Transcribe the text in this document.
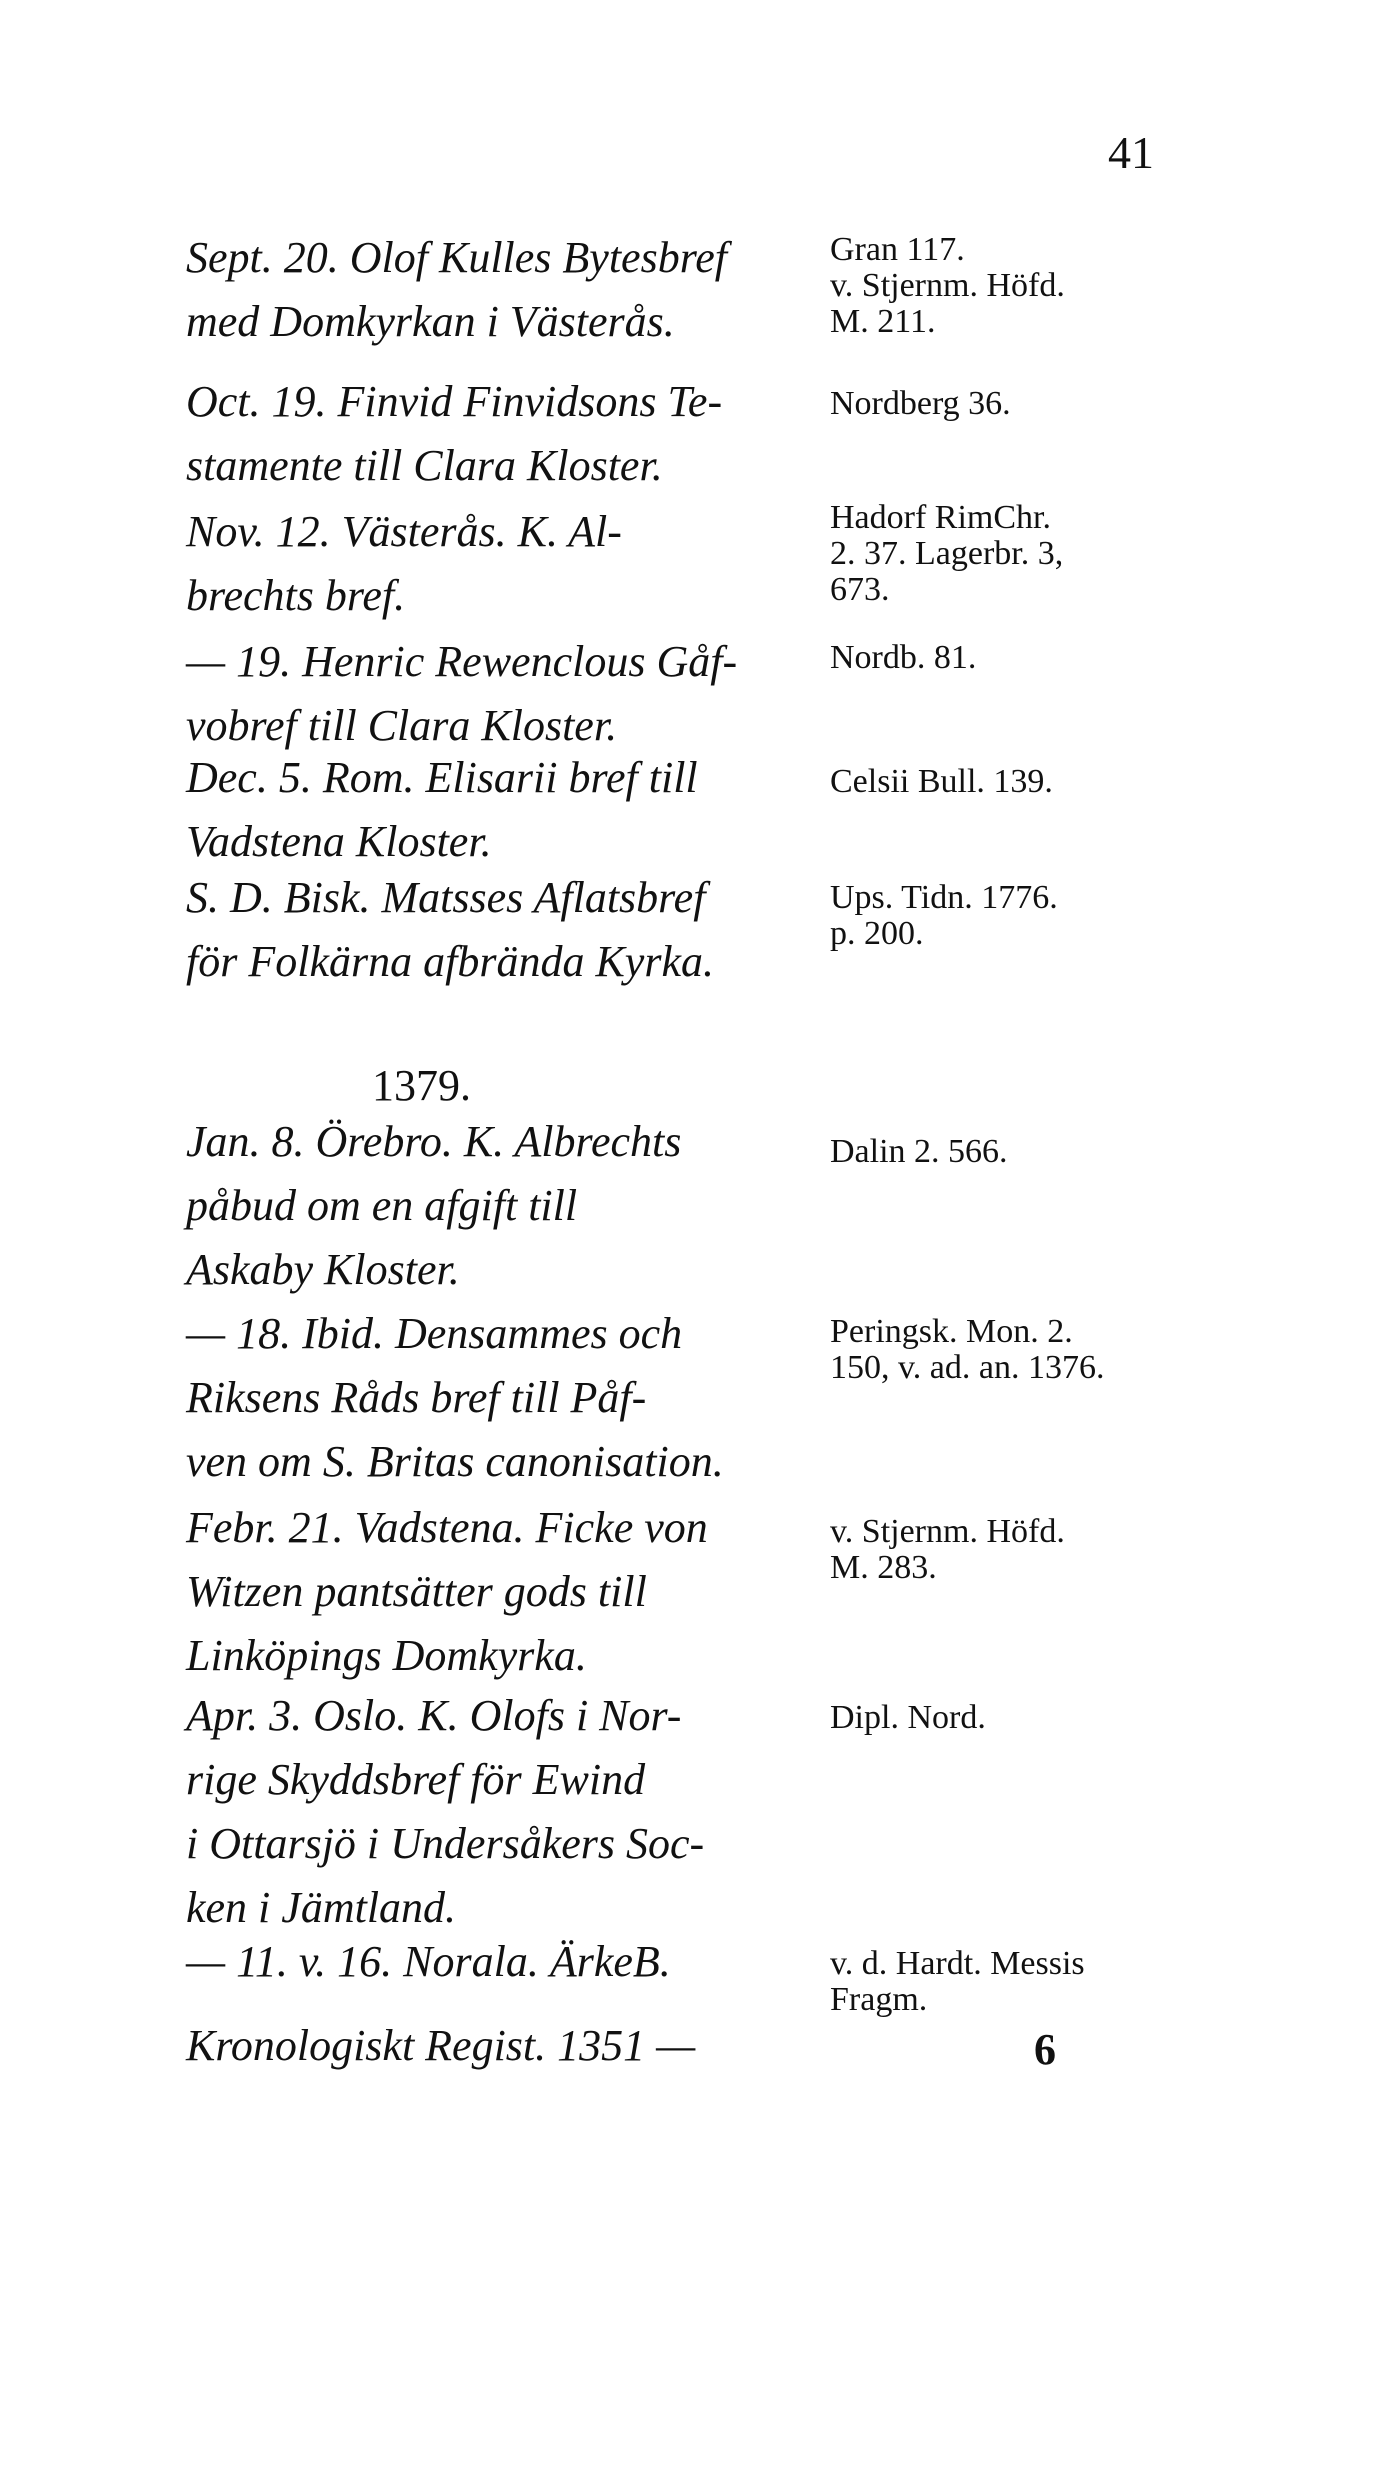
41
Sept. 20. Olof Kulles Bytesbref
med Domkyrkan i Västerås.
Gran 117.
v. Stjernm. Höfd.
M. 211.
Oct. 19. Finvid Finvidsons Te-
stamente till Clara Kloster.
Nordberg 36.
Nov. 12. Västerås. K. Al-
brechts bref.
Hadorf RimChr.
2. 37. Lagerbr. 3,
673.
— 19. Henric Rewenclous Gåf-
vobref till Clara Kloster.
Nordb. 81.
Dec. 5. Rom. Elisarii bref till
Vadstena Kloster.
Celsii Bull. 139.
S. D. Bisk. Matsses Aflatsbref
för Folkärna afbrända Kyrka.
Ups. Tidn. 1776.
p. 200.
1379.
Jan. 8. Örebro. K. Albrechts
påbud om en afgift till
Askaby Kloster.
Dalin 2. 566.
— 18. Ibid. Densammes och
Riksens Råds bref till Påf-
ven om S. Britas canonisation.
Peringsk. Mon. 2.
150, v. ad. an. 1376.
Febr. 21. Vadstena. Ficke von
Witzen pantsätter gods till
Linköpings Domkyrka.
v. Stjernm. Höfd.
M. 283.
Apr. 3. Oslo. K. Olofs i Nor-
rige Skyddsbref för Ewind
i Ottarsjö i Undersåkers Soc-
ken i Jämtland.
Dipl. Nord.
— 11. v. 16. Norala. ÄrkeB.	v. d. Hardt. Messis
Fragm.
Kronologiskt Regist. 1351 —	6
